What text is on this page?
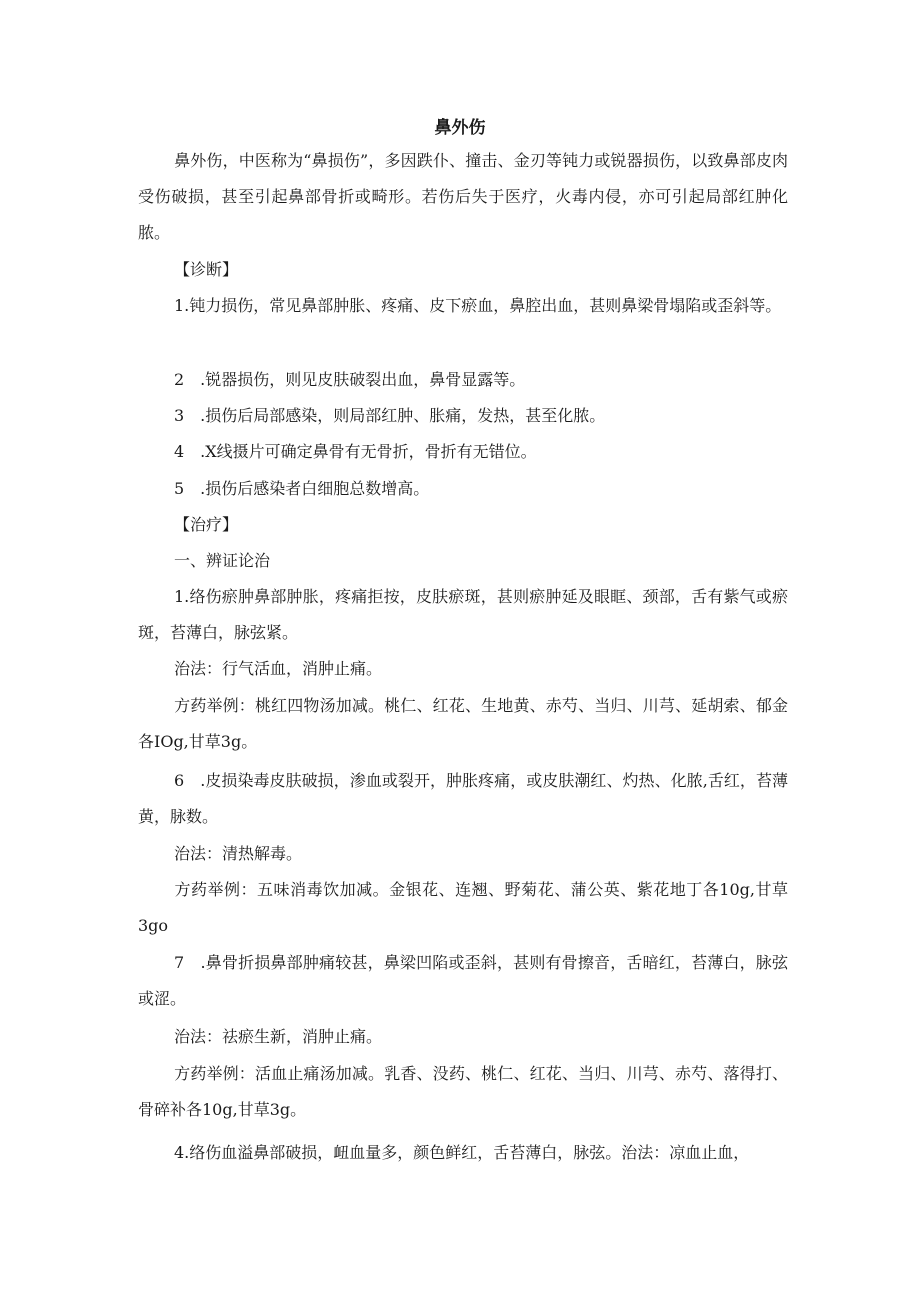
鼻外伤

鼻外伤，中医称为“鼻损伤”，多因跌仆、撞击、金刃等钝力或锐器损伤，以致鼻部皮肉受伤破损，甚至引起鼻部骨折或畸形。若伤后失于医疗，火毒内侵，亦可引起局部红肿化脓。

【诊断】

1.钝力损伤，常见鼻部肿胀、疼痛、皮下瘀血，鼻腔出血，甚则鼻梁骨塌陷或歪斜等。

2　.锐器损伤，则见皮肤破裂出血，鼻骨显露等。

3　.损伤后局部感染，则局部红肿、胀痛，发热，甚至化脓。

4　.X线摄片可确定鼻骨有无骨折，骨折有无错位。

5　.损伤后感染者白细胞总数增高。

【治疗】

一、辨证论治

1.络伤瘀肿鼻部肿胀，疼痛拒按，皮肤瘀斑，甚则瘀肿延及眼眶、颈部，舌有紫气或瘀斑，苔薄白，脉弦紧。

治法：行气活血，消肿止痛。

方药举例：桃红四物汤加减。桃仁、红花、生地黄、赤芍、当归、川芎、延胡索、郁金各IOg,甘草3g。

6　.皮损染毒皮肤破损，渗血或裂开，肿胀疼痛，或皮肤潮红、灼热、化脓,舌红，苔薄黄，脉数。

治法：清热解毒。

方药举例：五味消毒饮加减。金银花、连翘、野菊花、蒲公英、紫花地丁各10g,甘草3go

7　.鼻骨折损鼻部肿痛较甚，鼻梁凹陷或歪斜，甚则有骨擦音，舌暗红，苔薄白，脉弦或涩。

治法：祛瘀生新，消肿止痛。

方药举例：活血止痛汤加减。乳香、没药、桃仁、红花、当归、川芎、赤芍、落得打、骨碎补各10g,甘草3g。

4.络伤血溢鼻部破损，衄血量多，颜色鲜红，舌苔薄白，脉弦。治法：凉血止血，
